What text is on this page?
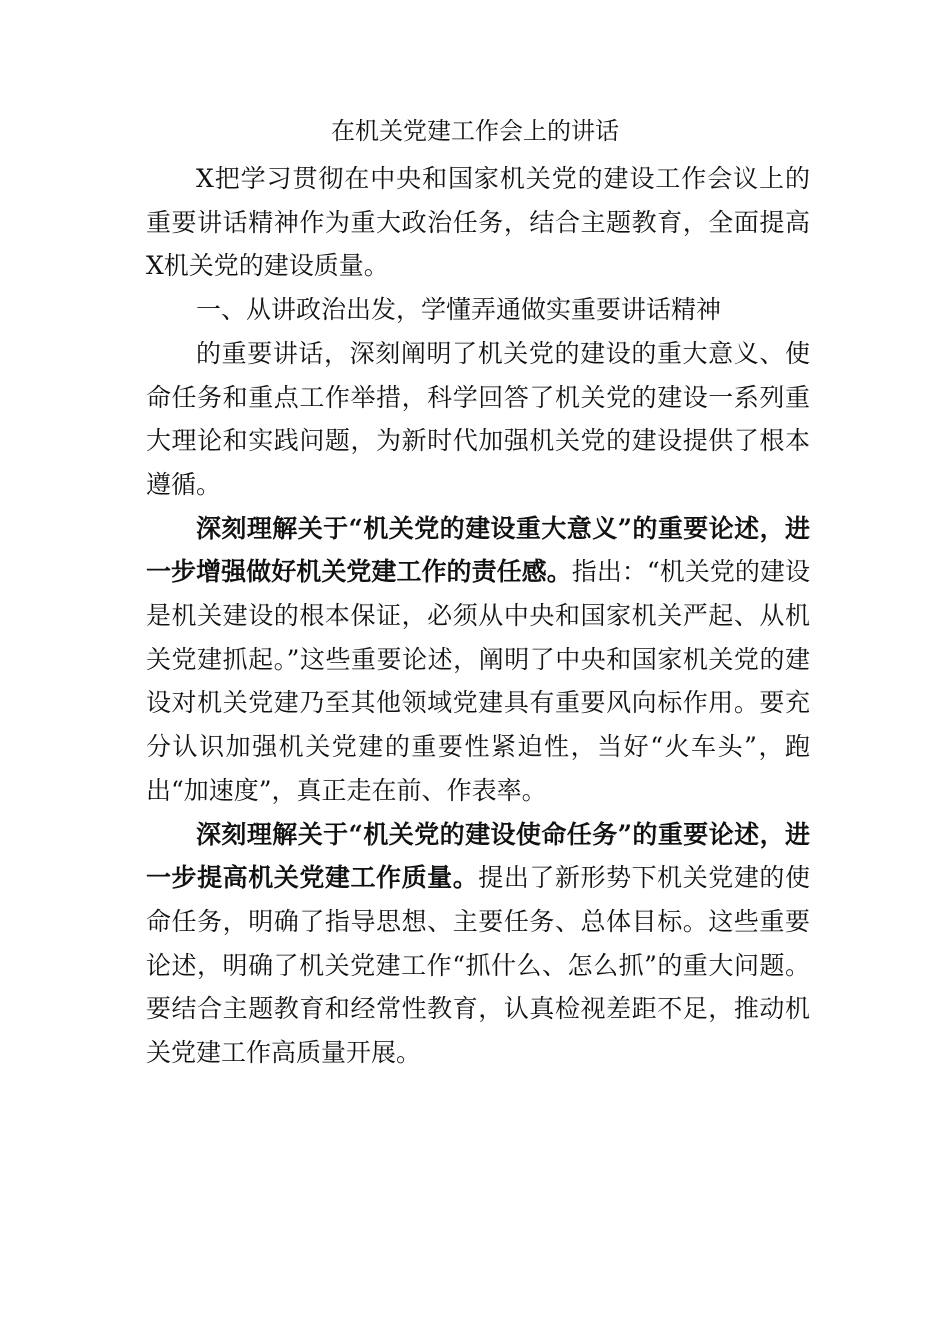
在机关党建工作会上的讲话

X把学习贯彻在中央和国家机关党的建设工作会议上的重要讲话精神作为重大政治任务，结合主题教育，全面提高X机关党的建设质量。

一、从讲政治出发，学懂弄通做实重要讲话精神

的重要讲话，深刻阐明了机关党的建设的重大意义、使命任务和重点工作举措，科学回答了机关党的建设一系列重大理论和实践问题，为新时代加强机关党的建设提供了根本遵循。

深刻理解关于“机关党的建设重大意义”的重要论述，进一步增强做好机关党建工作的责任感。指出：“机关党的建设是机关建设的根本保证，必须从中央和国家机关严起、从机关党建抓起。”这些重要论述，阐明了中央和国家机关党的建设对机关党建乃至其他领域党建具有重要风向标作用。要充分认识加强机关党建的重要性紧迫性，当好“火车头”，跑出“加速度”，真正走在前、作表率。

深刻理解关于“机关党的建设使命任务”的重要论述，进一步提高机关党建工作质量。提出了新形势下机关党建的使命任务，明确了指导思想、主要任务、总体目标。这些重要论述，明确了机关党建工作“抓什么、怎么抓”的重大问题。要结合主题教育和经常性教育，认真检视差距不足，推动机关党建工作高质量开展。
